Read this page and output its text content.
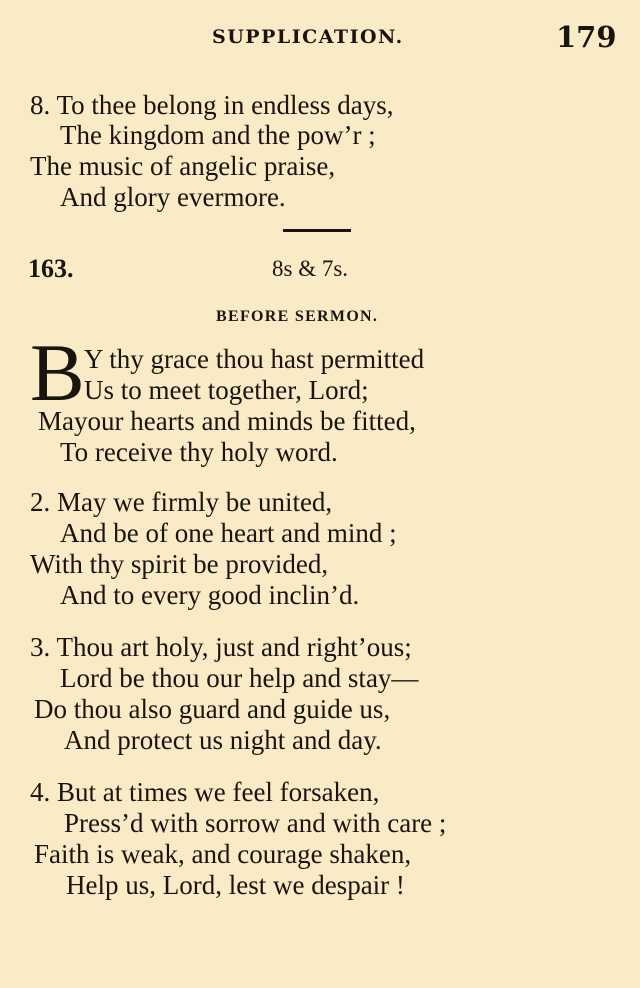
SUPPLICATION.	179
8. To thee belong in endless days,
The kingdom and the pow’r ;
The music of angelic praise,
And glory evermore.
163.	8s & 7s.
BEFORE SERMON.
B Y thy grace thou hast permitted
Us to meet together, Lord;
Mayour hearts and minds be fitted,
To receive thy holy word.
2. May we firmly be united,
And be of one heart and mind ;
With thy spirit be provided,
And to every good inclin’d.
3. Thou art holy, just and right’ous;
Lord be thou our help and stay—
Do thou also guard and guide us,
And protect us night and day.
4. But at times we feel forsaken,
Press’d with sorrow and with care ;
Faith is weak, and courage shaken,
Help us, Lord, lest we despair !
